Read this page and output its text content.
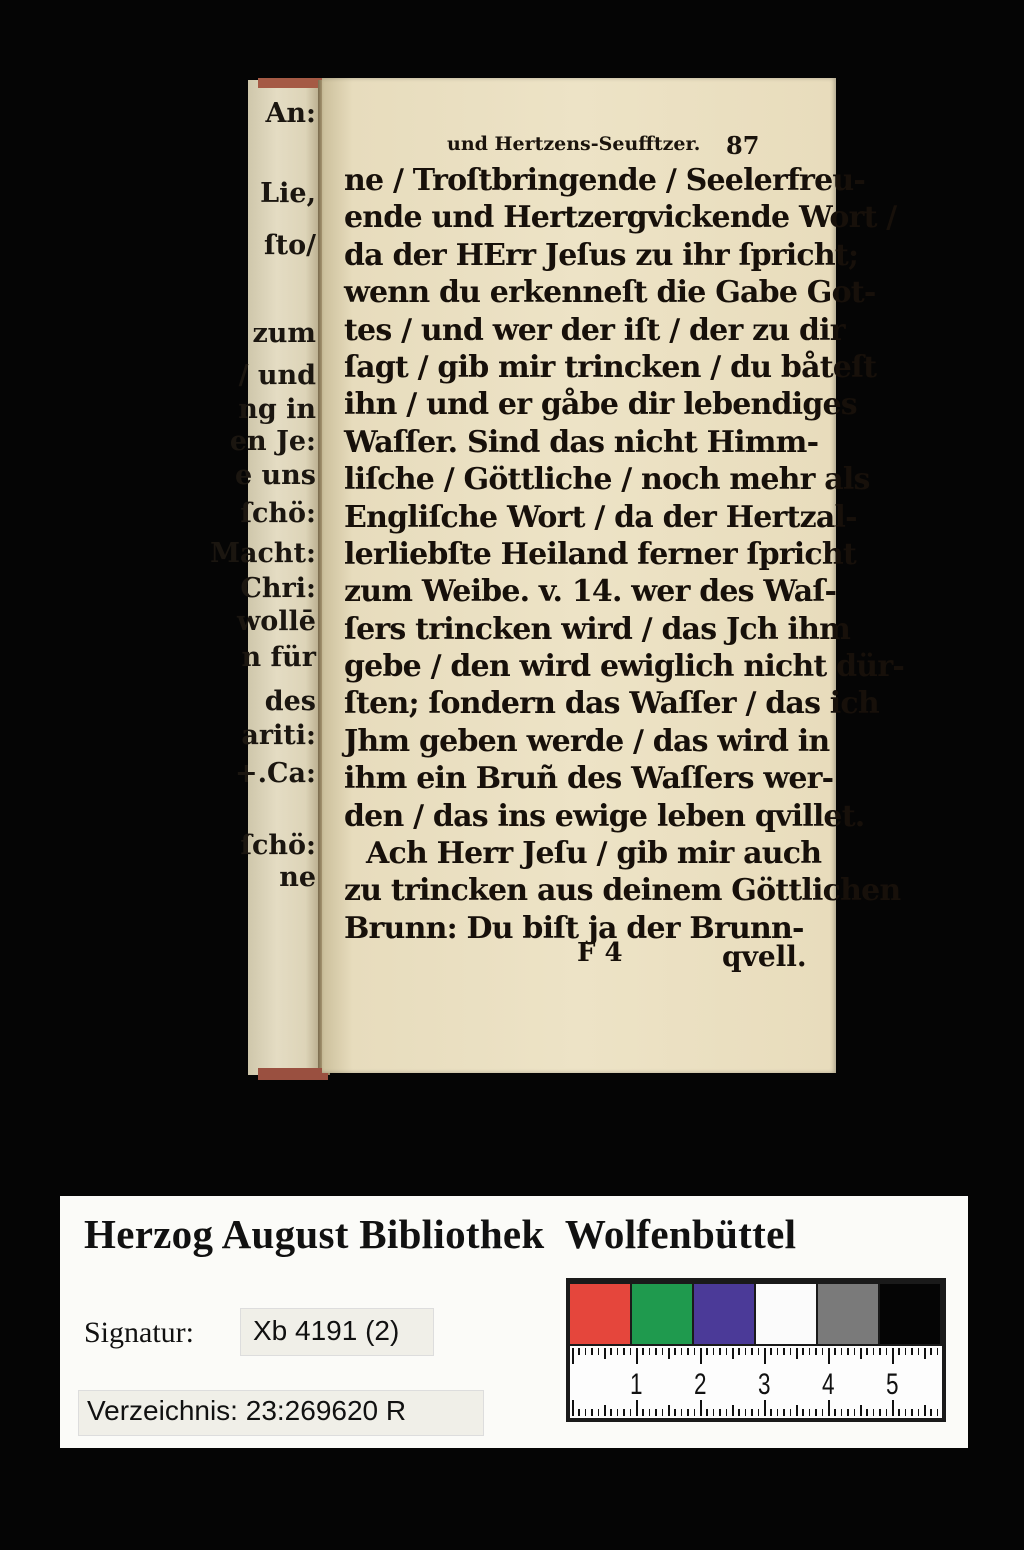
An:
Lie,
ſto/
zum
/ und
ng in
en Je:
e uns
ſchö:
Macht:
Chri:
wollē
n für
des
ariti:
+.Ca:
ſchö:
ne
und Hertzens-Seufftzer. 87
ne / Troſtbringende / Seelerfreu-
ende und Hertzergvickende Wort /
da der HErr Jeſus zu ihr ſpricht;
wenn du erkenneſt die Gabe Got-
tes / und wer der iſt / der zu dir
ſagt / gib mir trincken / du båteſt
ihn / und er gåbe dir lebendiges
Waſſer. Sind das nicht Himm-
liſche / Göttliche / noch mehr als
Engliſche Wort / da der Hertzal-
lerliebſte Heiland ferner ſpricht
zum Weibe. v. 14. wer des Waſ-
ſers trincken wird / das Jch ihm
gebe / den wird ewiglich nicht dür-
ſten; ſondern das Waſſer / das ich
Jhm geben werde / das wird in
ihm ein Bruñ des Waſſers wer-
den / das ins ewige leben qvillet.
Ach Herr Jeſu / gib mir auch
zu trincken aus deinem Göttlichen
Brunn: Du biſt ja der Brunn-
F 4	qvell.
Herzog August Bibliothek  Wolfenbüttel
Signatur: Xb 4191 (2)
Verzeichnis: 23:269620 R
1 2 3 4 5
